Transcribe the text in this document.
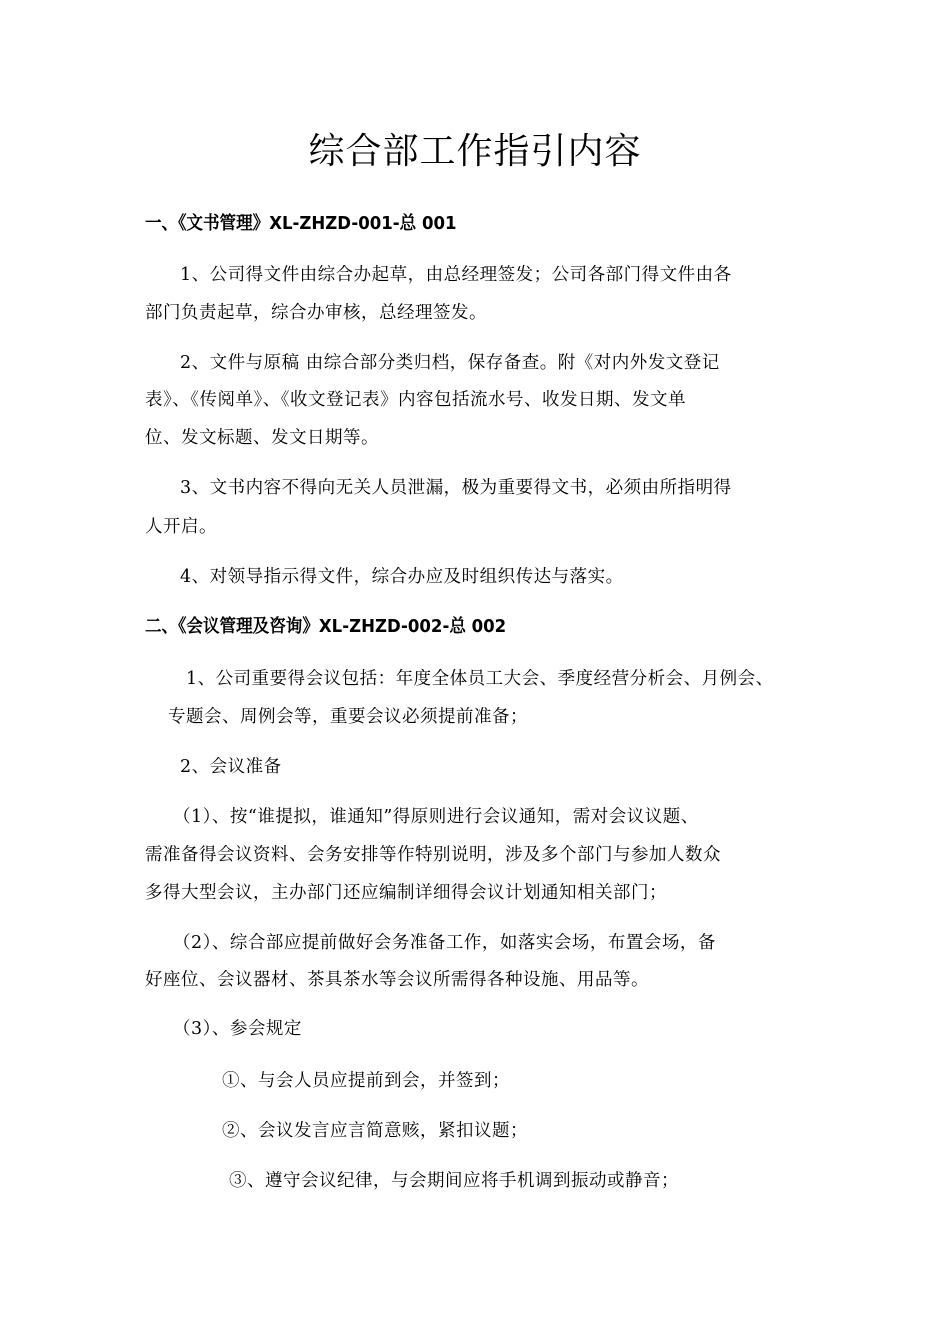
综合部工作指引内容
一、《文书管理》XL-ZHZD-001-总 001
1、公司得文件由综合办起草，由总经理签发；公司各部门得文件由各
部门负责起草，综合办审核，总经理签发。
2、文件与原稿 由综合部分类归档，保存备查。附《对内外发文登记
表》、《传阅单》、《收文登记表》内容包括流水号、收发日期、发文单
位、发文标题、发文日期等。
3、文书内容不得向无关人员泄漏，极为重要得文书，必须由所指明得
人开启。
4、对领导指示得文件，综合办应及时组织传达与落实。
二、《会议管理及咨询》XL-ZHZD-002-总 002
1、公司重要得会议包括：年度全体员工大会、季度经营分析会、月例会、
专题会、周例会等，重要会议必须提前准备；
2、会议准备
（1）、按“谁提拟，谁通知”得原则进行会议通知，需对会议议题、
需准备得会议资料、会务安排等作特别说明，涉及多个部门与参加人数众
多得大型会议，主办部门还应编制详细得会议计划通知相关部门；
（2）、综合部应提前做好会务准备工作，如落实会场，布置会场，备
好座位、会议器材、茶具茶水等会议所需得各种设施、用品等。
（3）、参会规定
①、与会人员应提前到会，并签到；
②、会议发言应言简意赅，紧扣议题；
③、遵守会议纪律，与会期间应将手机调到振动或静音；
